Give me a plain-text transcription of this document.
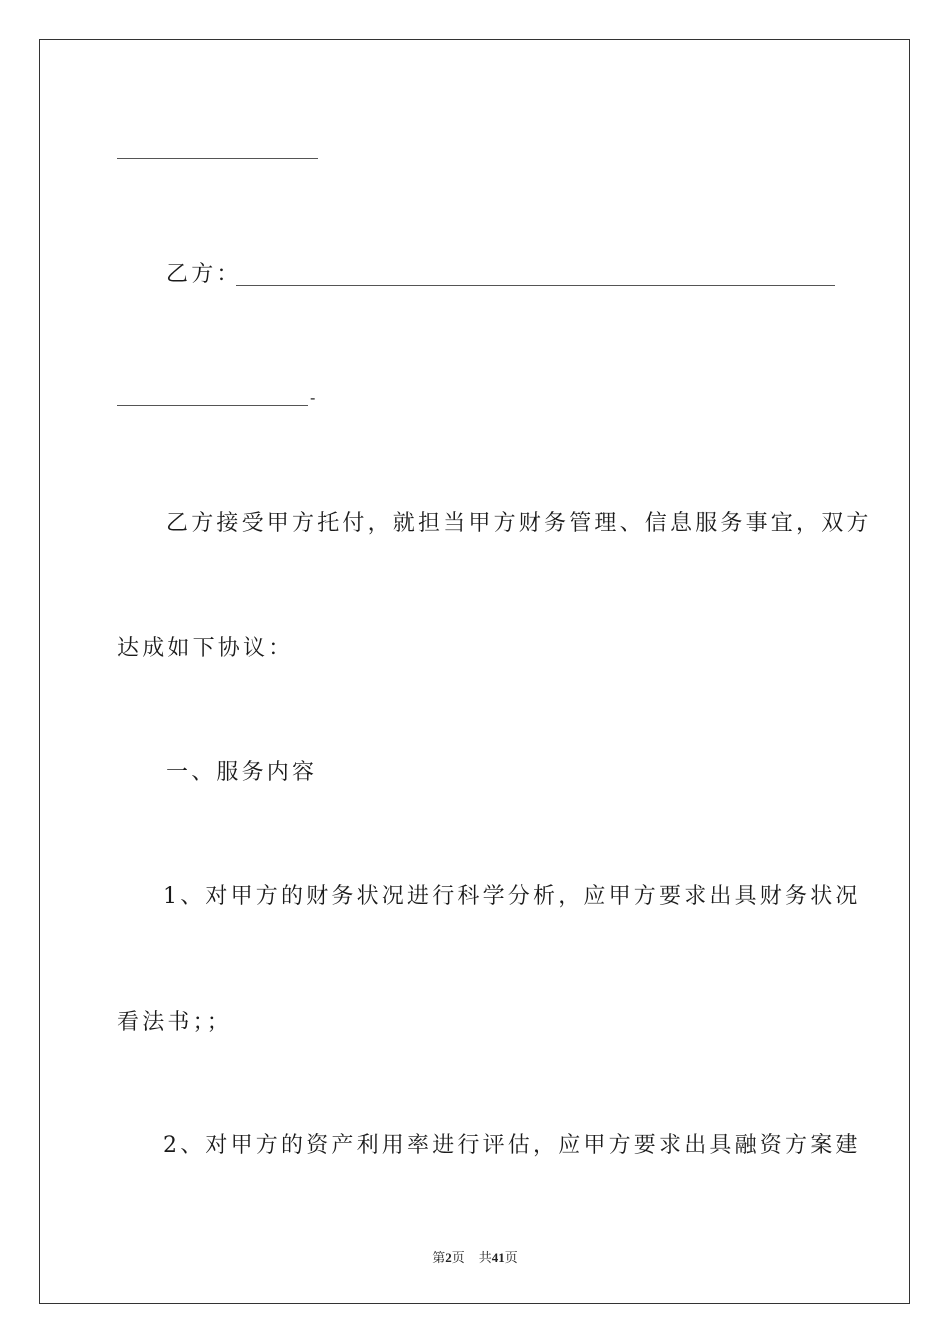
乙方：
-
乙方接受甲方托付，就担当甲方财务管理、信息服务事宜，双方
达成如下协议：
一、服务内容
1、对甲方的财务状况进行科学分析，应甲方要求出具财务状况
看法书；；
2、对甲方的资产利用率进行评估，应甲方要求出具融资方案建
第2页 共41页
